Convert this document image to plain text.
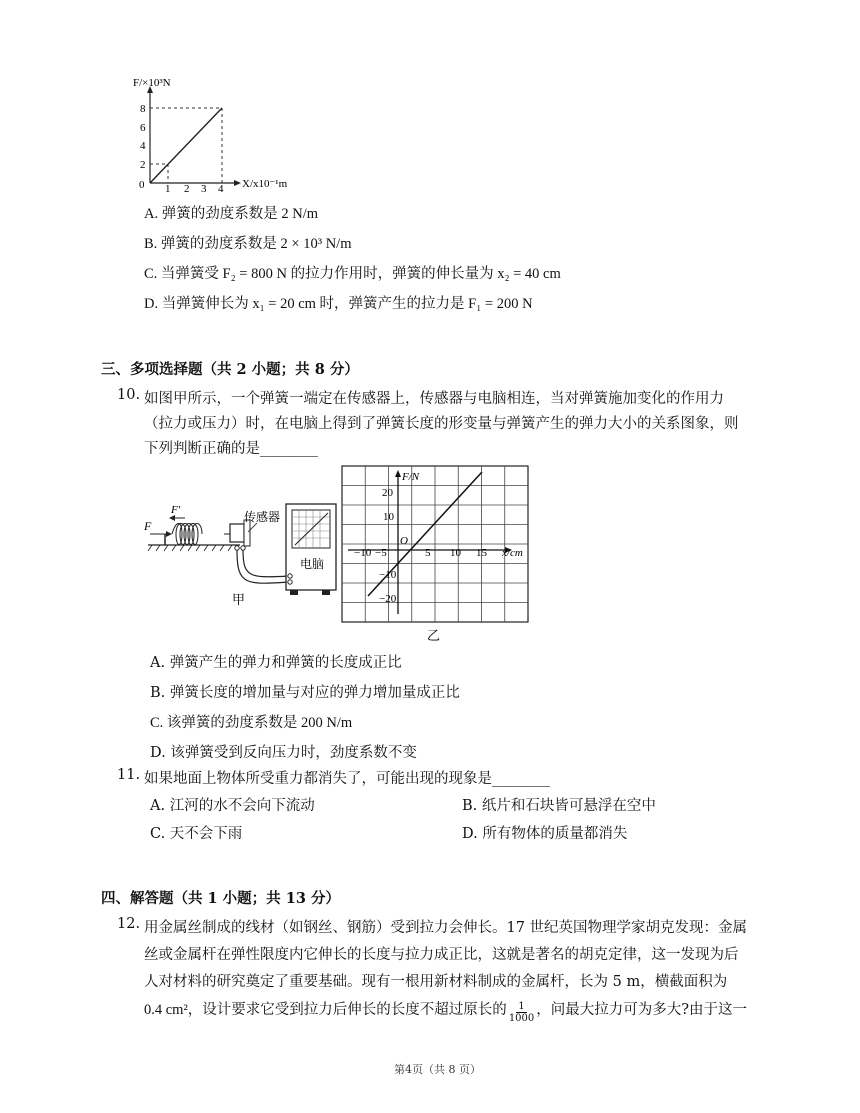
F/×10³N
X/x10⁻¹m
8
6
4
2
0 1 2 3 4
A. 弹簧的劲度系数是 2 N/m
B. 弹簧的劲度系数是 2 × 10³ N/m
C. 当弹簧受 F₂ = 800 N 的拉力作用时，弹簧的伸长量为 x₂ = 40 cm
D. 当弹簧伸长为 x₁ = 20 cm 时，弹簧产生的拉力是 F₁ = 200 N
三、多项选择题（共 2 小题；共 8 分）
10. 如图甲所示，一个弹簧一端定在传感器上，传感器与电脑相连，当对弹簧施加变化的作用力
（拉力或压力）时，在电脑上得到了弹簧长度的形变量与弹簧产生的弹力大小的关系图象，则
下列判断正确的是________
F
F′	传感器
电脑
甲
F/N
x/cm
O
20
10
−10
−20
−10 −5	5 10 15
乙
A. 弹簧产生的弹力和弹簧的长度成正比
B. 弹簧长度的增加量与对应的弹力增加量成正比
C. 该弹簧的劲度系数是 200 N/m
D. 该弹簧受到反向压力时，劲度系数不变
11. 如果地面上物体所受重力都消失了，可能出现的现象是________
A. 江河的水不会向下流动	B. 纸片和石块皆可悬浮在空中
C. 天不会下雨	D. 所有物体的质量都消失
四、解答题（共 1 小题；共 13 分）
12. 用金属丝制成的线材（如钢丝、钢筋）受到拉力会伸长。17 世纪英国物理学家胡克发现：金属
丝或金属杆在弹性限度内它伸长的长度与拉力成正比，这就是著名的胡克定律，这一发现为后
人对材料的研究奠定了重要基础。现有一根用新材料制成的金属杆，长为 5 m，横截面积为
0.4 cm²，设计要求它受到拉力后伸长的长度不超过原长的 $\frac{1}{1000}$ ，问最大拉力可为多大?由于这一
第4页（共 8 页）
